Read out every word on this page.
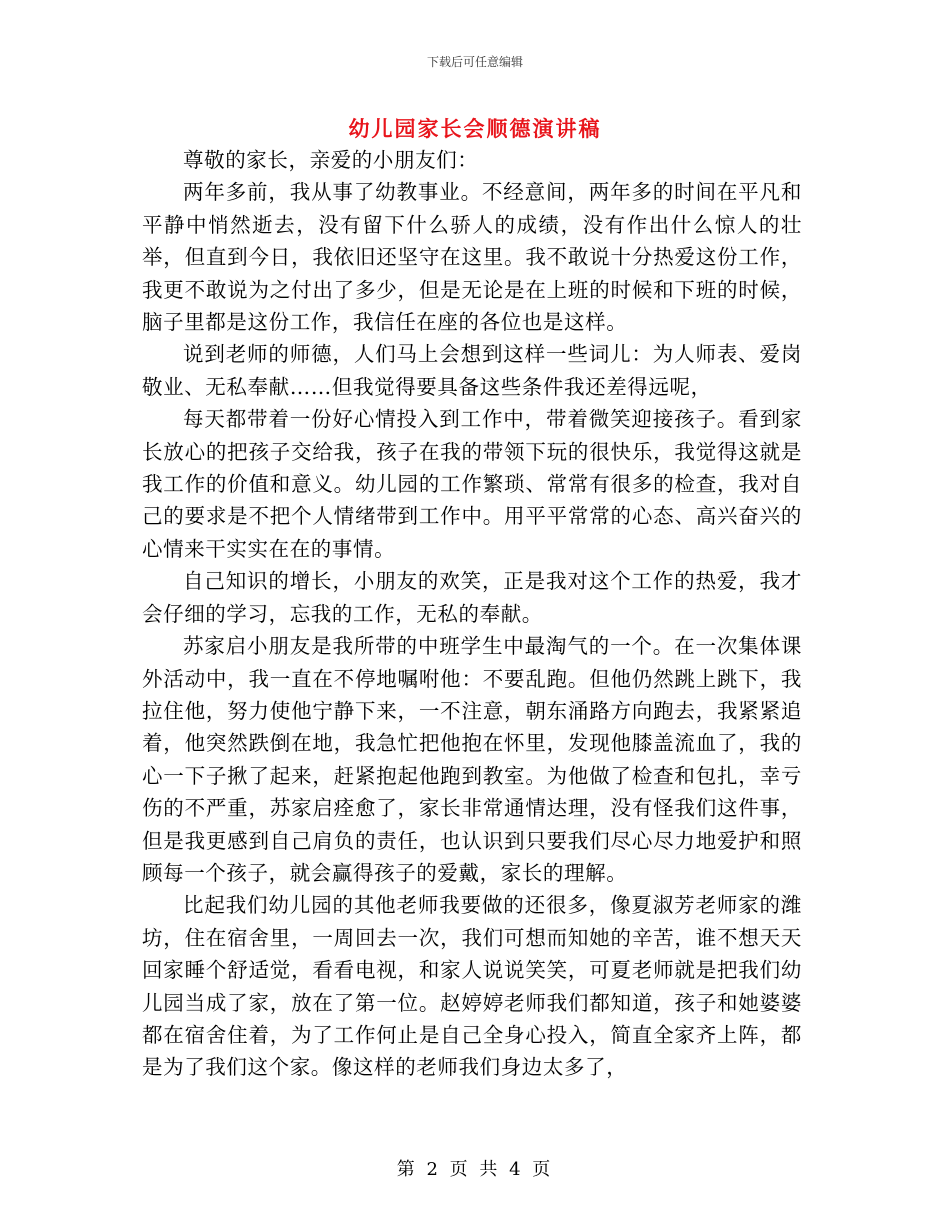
下载后可任意编辑
幼儿园家长会顺德演讲稿

尊敬的家长，亲爱的小朋友们：

两年多前，我从事了幼教事业。不经意间，两年多的时间在平凡和平静中悄然逝去，没有留下什么骄人的成绩，没有作出什么惊人的壮举，但直到今日，我依旧还坚守在这里。我不敢说十分热爱这份工作，我更不敢说为之付出了多少，但是无论是在上班的时候和下班的时候，脑子里都是这份工作，我信任在座的各位也是这样。

说到老师的师德，人们马上会想到这样一些词儿：为人师表、爱岗敬业、无私奉献……但我觉得要具备这些条件我还差得远呢，

每天都带着一份好心情投入到工作中，带着微笑迎接孩子。看到家长放心的把孩子交给我，孩子在我的带领下玩的很快乐，我觉得这就是我工作的价值和意义。幼儿园的工作繁琐、常常有很多的检查，我对自己的要求是不把个人情绪带到工作中。用平平常常的心态、高兴奋兴的心情来干实实在在的事情。

自己知识的增长，小朋友的欢笑，正是我对这个工作的热爱，我才会仔细的学习，忘我的工作，无私的奉献。

苏家启小朋友是我所带的中班学生中最淘气的一个。在一次集体课外活动中，我一直在不停地嘱咐他：不要乱跑。但他仍然跳上跳下，我拉住他，努力使他宁静下来，一不注意，朝东涌路方向跑去，我紧紧追着，他突然跌倒在地，我急忙把他抱在怀里，发现他膝盖流血了，我的心一下子揪了起来，赶紧抱起他跑到教室。为他做了检查和包扎，幸亏伤的不严重，苏家启痊愈了，家长非常通情达理，没有怪我们这件事，但是我更感到自己肩负的责任，也认识到只要我们尽心尽力地爱护和照顾每一个孩子，就会赢得孩子的爱戴，家长的理解。

比起我们幼儿园的其他老师我要做的还很多，像夏淑芳老师家的潍坊，住在宿舍里，一周回去一次，我们可想而知她的辛苦，谁不想天天回家睡个舒适觉，看看电视，和家人说说笑笑，可夏老师就是把我们幼儿园当成了家，放在了第一位。赵婷婷老师我们都知道，孩子和她婆婆都在宿舍住着，为了工作何止是自己全身心投入，简直全家齐上阵，都是为了我们这个家。像这样的老师我们身边太多了，

第 2 页 共 4 页
